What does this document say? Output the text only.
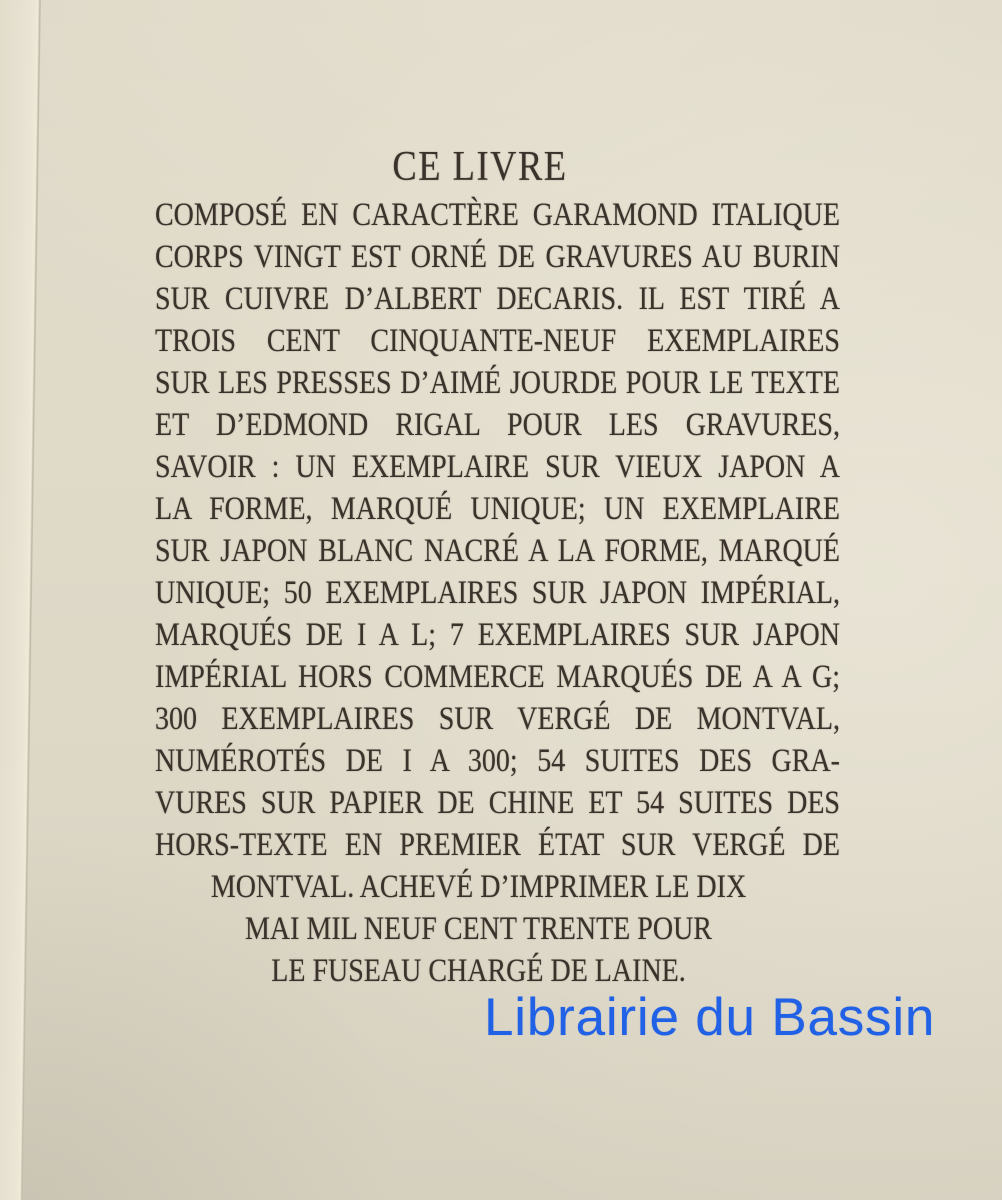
CE LIVRE
COMPOSÉ EN CARACTÈRE GARAMOND ITALIQUE
CORPS VINGT EST ORNÉ DE GRAVURES AU BURIN
SUR CUIVRE D’ALBERT DECARIS. IL EST TIRÉ A
TROIS CENT CINQUANTE-NEUF EXEMPLAIRES
SUR LES PRESSES D’AIMÉ JOURDE POUR LE TEXTE
ET D’EDMOND RIGAL POUR LES GRAVURES,
SAVOIR : UN EXEMPLAIRE SUR VIEUX JAPON A
LA FORME, MARQUÉ UNIQUE; UN EXEMPLAIRE
SUR JAPON BLANC NACRÉ A LA FORME, MARQUÉ
UNIQUE; 50 EXEMPLAIRES SUR JAPON IMPÉRIAL,
MARQUÉS DE I A L; 7 EXEMPLAIRES SUR JAPON
IMPÉRIAL HORS COMMERCE MARQUÉS DE A A G;
300 EXEMPLAIRES SUR VERGÉ DE MONTVAL,
NUMÉROTÉS DE I A 300; 54 SUITES DES GRA-
VURES SUR PAPIER DE CHINE ET 54 SUITES DES
HORS-TEXTE EN PREMIER ÉTAT SUR VERGÉ DE
MONTVAL. ACHEVÉ D’IMPRIMER LE DIX
MAI MIL NEUF CENT TRENTE POUR
LE FUSEAU CHARGÉ DE LAINE.
Librairie du Bassin
